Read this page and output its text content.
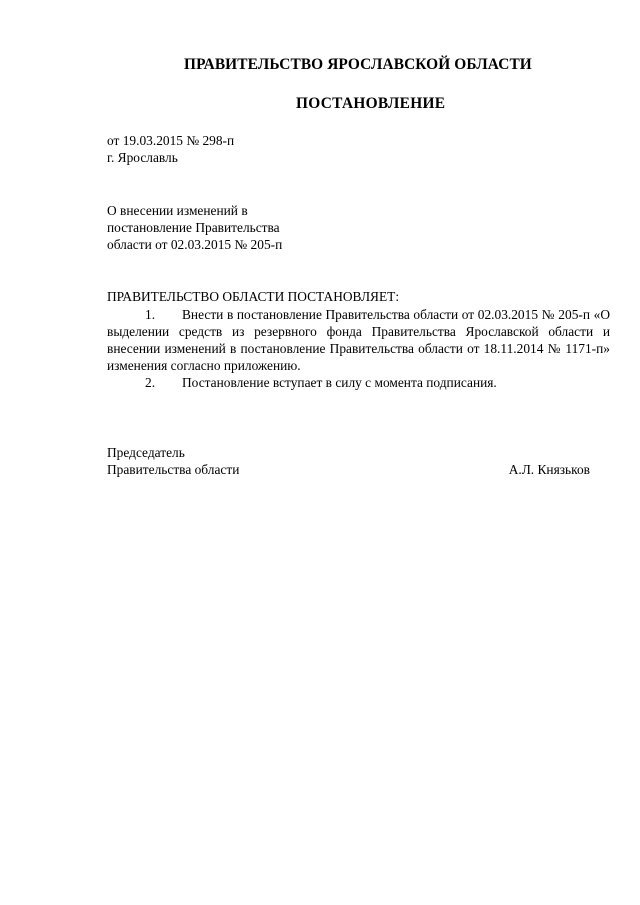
ПРАВИТЕЛЬСТВО ЯРОСЛАВСКОЙ ОБЛАСТИ
ПОСТАНОВЛЕНИЕ
от 19.03.2015 № 298-п
г. Ярославль
О внесении изменений в
постановление Правительства
области от 02.03.2015 № 205-п
ПРАВИТЕЛЬСТВО ОБЛАСТИ ПОСТАНОВЛЯЕТ:
1. Внести в постановление Правительства области от 02.03.2015 № 205-п «О выделении средств из резервного фонда Правительства Ярославской области и внесении изменений в постановление Правительства области от 18.11.2014 № 1171-п» изменения согласно приложению.
2. Постановление вступает в силу с момента подписания.
Председатель
Правительства области	А.Л. Князьков
